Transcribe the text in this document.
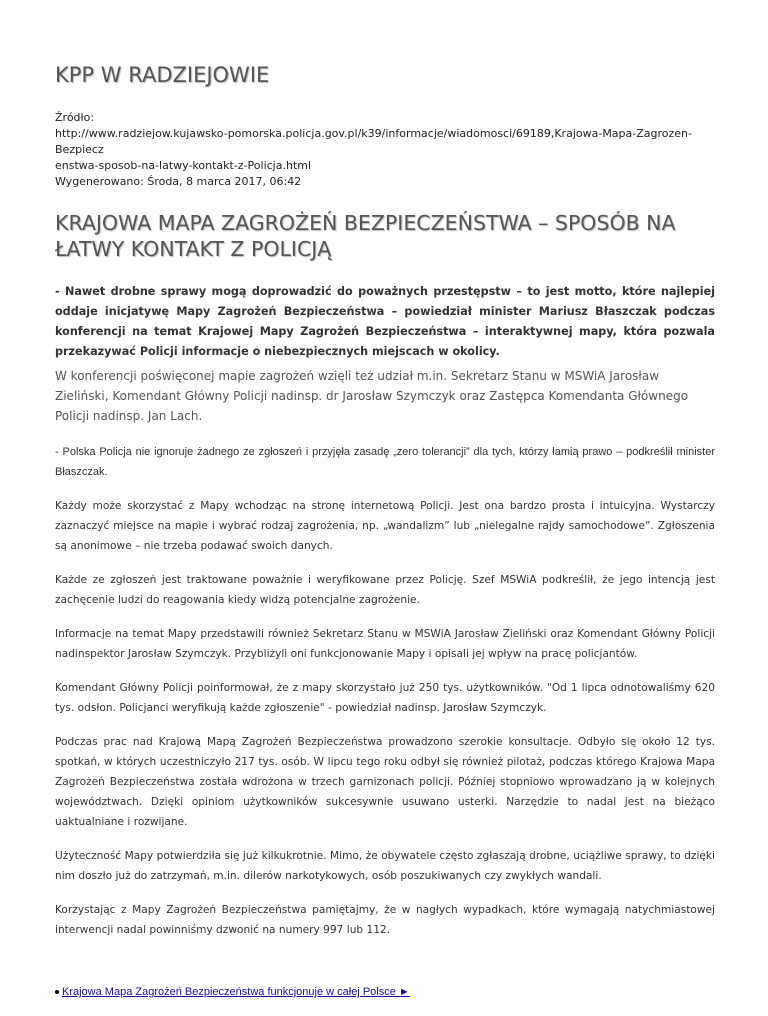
KPP W RADZIEJOWIE
Źródło:
http://www.radziejow.kujawsko-pomorska.policja.gov.pl/k39/informacje/wiadomosci/69189,Krajowa-Mapa-Zagrozen-Bezpiecz
enstwa-sposob-na-latwy-kontakt-z-Policja.html
Wygenerowano: Środa, 8 marca 2017, 06:42
KRAJOWA MAPA ZAGROŻEŃ BEZPIECZEŃSTWA – SPOSÓB NA ŁATWY KONTAKT Z POLICJĄ
- Nawet drobne sprawy mogą doprowadzić do poważnych przestępstw – to jest motto, które najlepiej oddaje inicjatywę Mapy Zagrożeń Bezpieczeństwa – powiedział minister Mariusz Błaszczak podczas konferencji na temat Krajowej Mapy Zagrożeń Bezpieczeństwa – interaktywnej mapy, która pozwala przekazywać Policji informacje o niebezpiecznych miejscach w okolicy.
W konferencji poświęconej mapie zagrożeń wzięli też udział m.in. Sekretarz Stanu w MSWiA Jarosław Zieliński, Komendant Główny Policji nadinsp. dr Jarosław Szymczyk oraz Zastępca Komendanta Głównego Policji nadinsp. Jan Lach.

- Polska Policja nie ignoruje żadnego ze zgłoszeń i przyjęła zasadę „zero tolerancji” dla tych, którzy łamią prawo – podkreślił minister Błaszczak.

Każdy może skorzystać z Mapy wchodząc na stronę internetową Policji. Jest ona bardzo prosta i intuicyjna. Wystarczy zaznaczyć miejsce na mapie i wybrać rodzaj zagrożenia, np. „wandalizm” lub „nielegalne rajdy samochodowe”. Zgłoszenia są anonimowe – nie trzeba podawać swoich danych.

Każde ze zgłoszeń jest traktowane poważnie i weryfikowane przez Policję. Szef MSWiA podkreślił, że jego intencją jest zachęcenie ludzi do reagowania kiedy widzą potencjalne zagrożenie.

Informacje na temat Mapy przedstawili również Sekretarz Stanu w MSWiA Jarosław Zieliński oraz Komendant Główny Policji nadinspektor Jarosław Szymczyk. Przybliżyli oni funkcjonowanie Mapy i opisali jej wpływ na pracę policjantów.

Komendant Główny Policji poinformował, że z mapy skorzystało już 250 tys. użytkowników. "Od 1 lipca odnotowaliśmy 620 tys. odsłon. Policjanci weryfikują każde zgłoszenie" - powiedział nadinsp. Jarosław Szymczyk.

Podczas prac nad Krajową Mapą Zagrożeń Bezpieczeństwa prowadzono szerokie konsultacje. Odbyło się około 12 tys. spotkań, w których uczestniczyło 217 tys. osób. W lipcu tego roku odbył się również pilotaż, podczas którego Krajowa Mapa Zagrożeń Bezpieczeństwa została wdrożona w trzech garnizonach policji. Później stopniowo wprowadzano ją w kolejnych województwach. Dzięki opiniom użytkowników sukcesywnie usuwano usterki. Narzędzie to nadal jest na bieżąco uaktualniane i rozwijane.

Użyteczność Mapy potwierdziła się już kilkukrotnie. Mimo, że obywatele często zgłaszają drobne, uciążliwe sprawy, to dzięki nim doszło już do zatrzymań, m.in. dilerów narkotykowych, osób poszukiwanych czy zwykłych wandali.

Korzystając z Mapy Zagrożeń Bezpieczeństwa pamiętajmy, że w nagłych wypadkach, które wymagają natychmiastowej interwencji nadal powinniśmy dzwonić na numery 997 lub 112.

Krajowa Mapa Zagrożeń Bezpieczeństwa funkcjonuje w całej Polsce ►
